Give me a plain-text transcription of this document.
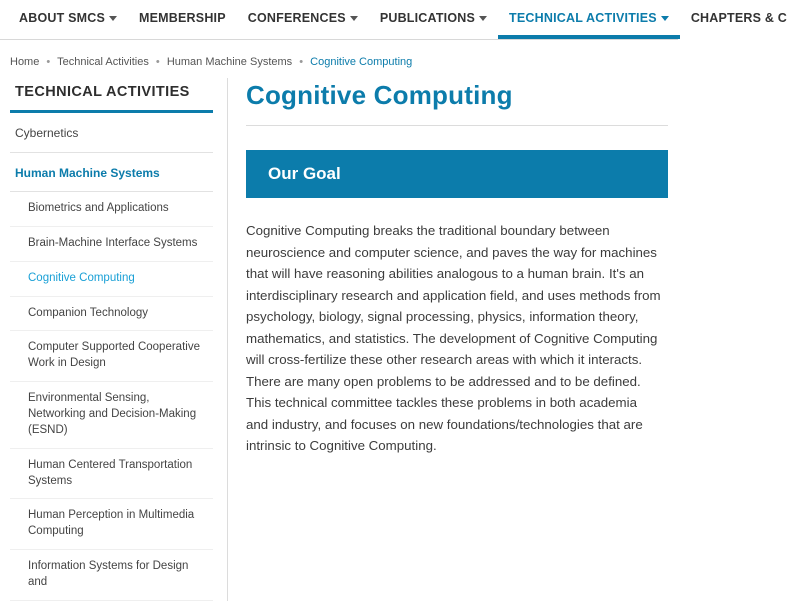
ABOUT SMCS	MEMBERSHIP CONFERENCES	PUBLICATIONS	TECHNICAL ACTIVITIES	CHAPTERS & C
Home • Technical Activities • Human Machine Systems • Cognitive Computing
TECHNICAL ACTIVITIES
Cybernetics
Human Machine Systems
Biometrics and Applications
Brain-Machine Interface Systems
Cognitive Computing
Companion Technology
Computer Supported Cooperative Work in Design
Environmental Sensing, Networking and Decision-Making (ESND)
Human Centered Transportation Systems
Human Perception in Multimedia Computing
Information Systems for Design and
Cognitive Computing
Our Goal
Cognitive Computing breaks the traditional boundary between neuroscience and computer science, and paves the way for machines that will have reasoning abilities analogous to a human brain. It's an interdisciplinary research and application field, and uses methods from psychology, biology, signal processing, physics, information theory, mathematics, and statistics. The development of Cognitive Computing will cross-fertilize these other research areas with which it interacts. There are many open problems to be addressed and to be defined. This technical committee tackles these problems in both academia and industry, and focuses on new foundations/technologies that are intrinsic to Cognitive Computing.
